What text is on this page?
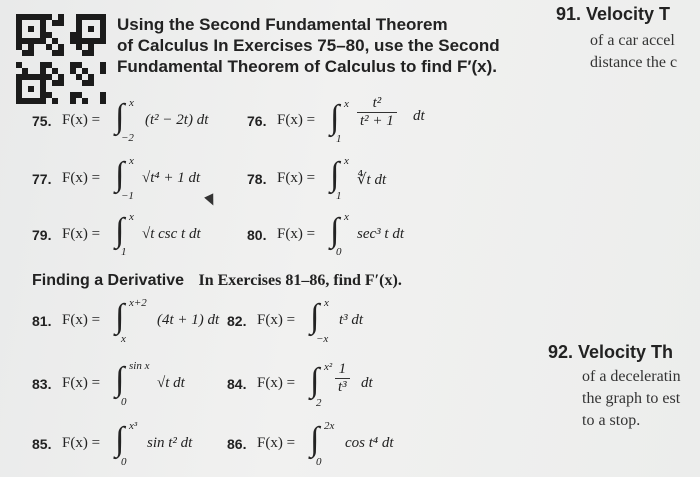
Using the Second Fundamental Theorem
of Calculus In Exercises 75–80, use the Second
Fundamental Theorem of Calculus to find F′(x).
91. Velocity T
of a car accel
distance the c
92. Velocity Th
of a deceleratin
the graph to est
to a stop.
75. F(x) = ∫ x
−2
(t² − 2t) dt	76. F(x) = ∫ x
1
$\frac{\text{t²}}{\text{t² + 1}}$ dt
77. F(x) = ∫ x
−1
√t⁴ + 1 dt	78. F(x) = ∫ x
1
∜t dt
79. F(x) = ∫ x
1
√t csc t dt	80. F(x) = ∫ x
0
sec³ t dt
Finding a Derivative In Exercises 81–86, find F′(x).
81. F(x) = ∫ x+2
x
(4t + 1) dt 82. F(x) = ∫ x
−x
t³ dt
83. F(x) = ∫ sin x
0
√t dt	84. F(x) = ∫ x²
2
$\frac{1}{\text{t³}}$ dt
85. F(x) = ∫ x³
0
sin t² dt 86. F(x) = ∫ 2x
0
cos t⁴ dt
